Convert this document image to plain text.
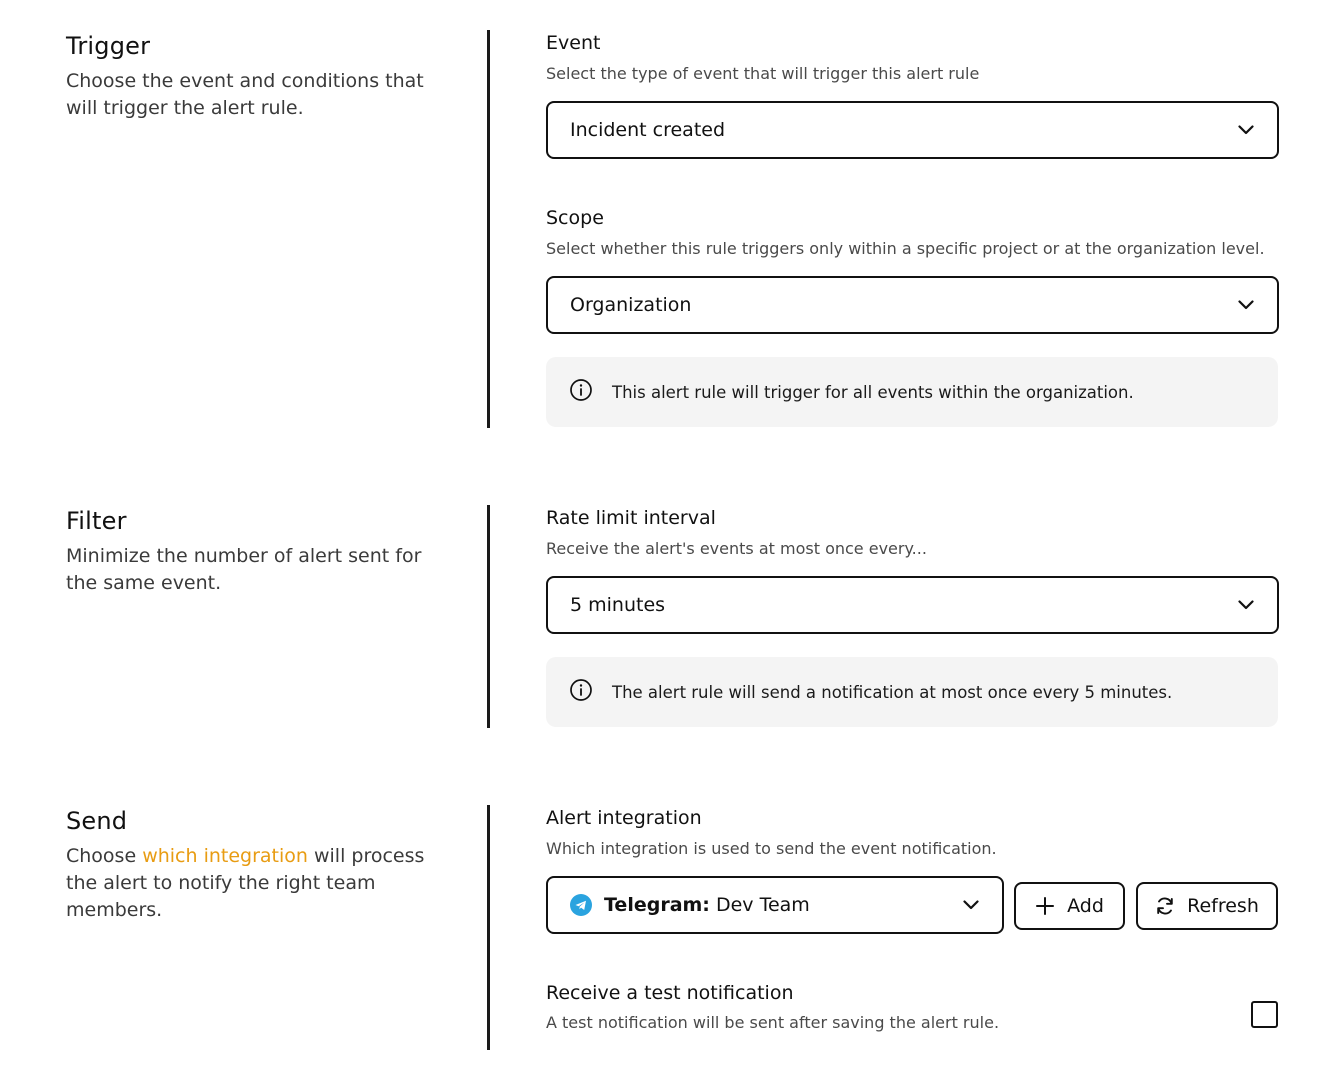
Trigger
Choose the event and conditions that will trigger the alert rule.
Event
Select the type of event that will trigger this alert rule
Incident created
Scope
Select whether this rule triggers only within a specific project or at the organization level.
Organization
This alert rule will trigger for all events within the organization.
Filter
Minimize the number of alert sent for the same event.
Rate limit interval
Receive the alert's events at most once every...
5 minutes
The alert rule will send a notification at most once every 5 minutes.
Send
Choose which integration will process the alert to notify the right team members.
Alert integration
Which integration is used to send the event notification.
Telegram: Dev Team	Add	Refresh
Receive a test notification
A test notification will be sent after saving the alert rule.
